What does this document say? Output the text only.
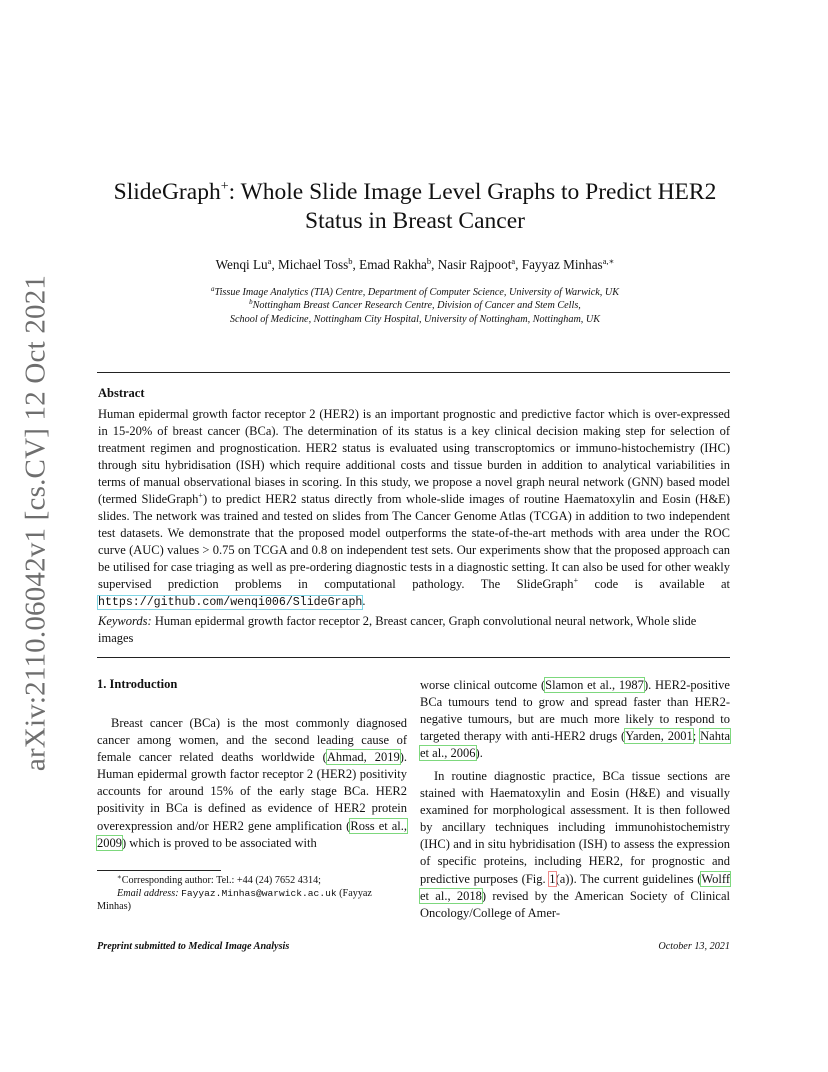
arXiv:2110.06042v1 [cs.CV] 12 Oct 2021
SlideGraph+: Whole Slide Image Level Graphs to Predict HER2
Status in Breast Cancer
Wenqi Lu$^a$, Michael Toss$^b$, Emad Rakha$^b$, Nasir Rajpoot$^a$, Fayyaz Minhas$^{a,∗}$
$^a$Tissue Image Analytics (TIA) Centre, Department of Computer Science, University of Warwick, UK
$^b$Nottingham Breast Cancer Research Centre, Division of Cancer and Stem Cells,
School of Medicine, Nottingham City Hospital, University of Nottingham, Nottingham, UK
Abstract

Human epidermal growth factor receptor 2 (HER2) is an important prognostic and predictive factor which is over-expressed in 15-20% of breast cancer (BCa). The determination of its status is a key clinical decision making step for selection of treatment regimen and prognostication. HER2 status is evaluated using transcroptomics or immuno-histochemistry (IHC) through situ hybridisation (ISH) which require additional costs and tissue burden in addition to analytical variabilities in terms of manual observational biases in scoring. In this study, we propose a novel graph neural network (GNN) based model (termed SlideGraph+) to predict HER2 status directly from whole-slide images of routine Haematoxylin and Eosin (H&E) slides. The network was trained and tested on slides from The Cancer Genome Atlas (TCGA) in addition to two independent test datasets. We demonstrate that the proposed model outperforms the state-of-the-art methods with area under the ROC curve (AUC) values > 0.75 on TCGA and 0.8 on independent test sets. Our experiments show that the proposed approach can be utilised for case triaging as well as pre-ordering diagnostic tests in a diagnostic setting. It can also be used for other weakly supervised prediction problems in computational pathology. The SlideGraph+ code is available at https://github.com/wenqi006/SlideGraph.

Keywords: Human epidermal growth factor receptor 2, Breast cancer, Graph convolutional neural network, Whole slide images

1. Introduction

Breast cancer (BCa) is the most commonly diagnosed cancer among women, and the second leading cause of female cancer related deaths worldwide (Ahmad, 2019). Human epidermal growth factor receptor 2 (HER2) positivity accounts for around 15% of the early stage BCa. HER2 positivity in BCa is defined as evidence of HER2 protein overexpression and/or HER2 gene amplification (Ross et al., 2009) which is proved to be associated with

∗Corresponding author: Tel.: +44 (24) 7652 4314;
Email address: Fayyaz.Minhas@warwick.ac.uk (Fayyaz
Minhas)

worse clinical outcome (Slamon et al., 1987). HER2-positive BCa tumours tend to grow and spread faster than HER2-negative tumours, but are much more likely to respond to targeted therapy with anti-HER2 drugs (Yarden, 2001; Nahta et al., 2006).

In routine diagnostic practice, BCa tissue sections are stained with Haematoxylin and Eosin (H&E) and visually examined for morphological assessment. It is then followed by ancillary techniques including immunohistochemistry (IHC) and in situ hybridisation (ISH) to assess the expression of specific proteins, including HER2, for prognostic and predictive purposes (Fig. 1(a)). The current guidelines (Wolff et al., 2018) revised by the American Society of Clinical Oncology/College of Amer-

Preprint submitted to Medical Image Analysis	October 13, 2021
